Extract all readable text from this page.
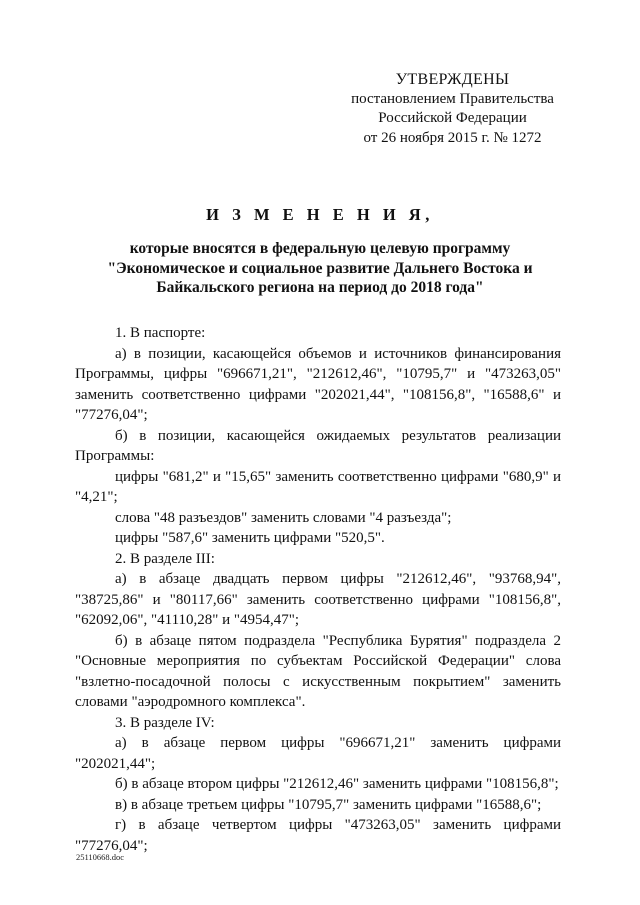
УТВЕРЖДЕНЫ
постановлением Правительства
Российской Федерации
от 26 ноября 2015 г. № 1272
И З М Е Н Е Н И Я,
которые вносятся в федеральную целевую программу
"Экономическое и социальное развитие Дальнего Востока и
Байкальского региона на период до 2018 года"

1. В паспорте:

а) в позиции, касающейся объемов и источников финансирования Программы, цифры "696671,21", "212612,46", "10795,7" и "473263,05" заменить соответственно цифрами "202021,44", "108156,8", "16588,6" и "77276,04";

б) в позиции, касающейся ожидаемых результатов реализации Программы:

цифры "681,2" и "15,65" заменить соответственно цифрами "680,9" и "4,21";

слова "48 разъездов" заменить словами "4 разъезда";

цифры "587,6" заменить цифрами "520,5".

2. В разделе III:

а) в абзаце двадцать первом цифры "212612,46", "93768,94", "38725,86" и "80117,66" заменить соответственно цифрами "108156,8", "62092,06", "41110,28" и "4954,47";

б) в абзаце пятом подраздела "Республика Бурятия" подраздела 2 "Основные мероприятия по субъектам Российской Федерации" слова "взлетно-посадочной полосы с искусственным покрытием" заменить словами "аэродромного комплекса".

3. В разделе IV:

а) в абзаце первом цифры "696671,21" заменить цифрами "202021,44";

б) в абзаце втором цифры "212612,46" заменить цифрами "108156,8";

в) в абзаце третьем цифры "10795,7" заменить цифрами "16588,6";

г) в абзаце четвертом цифры "473263,05" заменить цифрами "77276,04";

25110668.doc
